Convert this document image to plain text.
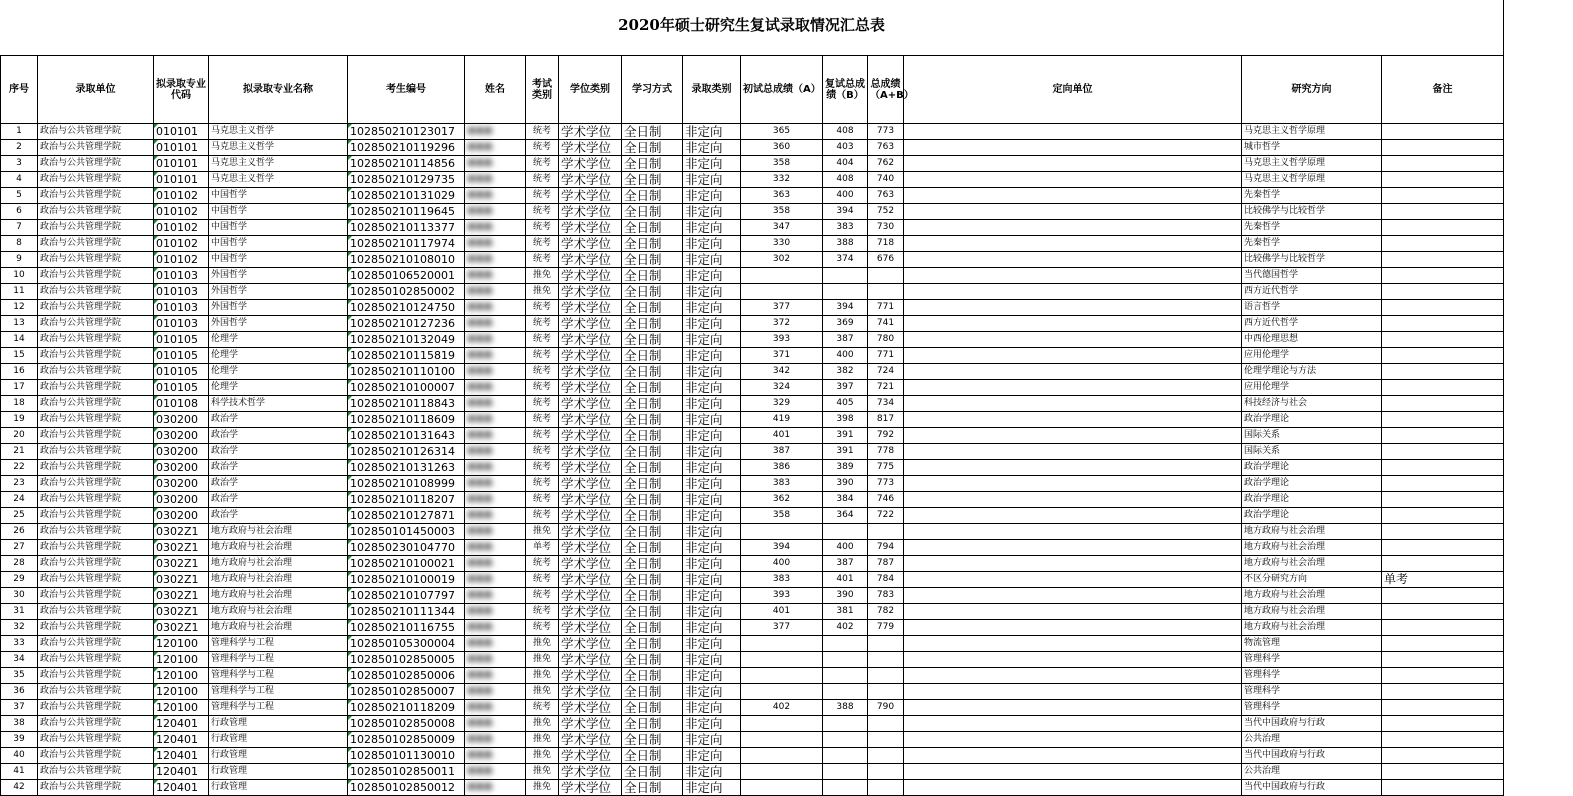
2020年硕士研究生复试录取情况汇总表
序号	录取单位	拟录取专业代码	拟录取专业名称	考生编号	姓名	考试类别	学位类别	学习方式	录取类别	初试总成绩（A）	复试总成绩（B）	总成绩（A+B）	定向单位	研究方向	备注
1	政治与公共管理学院	010101	马克思主义哲学	102850210123017	■■■	统考	学术学位	全日制	非定向	365	408	773		马克思主义哲学原理	
2	政治与公共管理学院	010101	马克思主义哲学	102850210119296	■■■	统考	学术学位	全日制	非定向	360	403	763		城市哲学	
3	政治与公共管理学院	010101	马克思主义哲学	102850210114856	■■■	统考	学术学位	全日制	非定向	358	404	762		马克思主义哲学原理	
4	政治与公共管理学院	010101	马克思主义哲学	102850210129735	■■■	统考	学术学位	全日制	非定向	332	408	740		马克思主义哲学原理	
5	政治与公共管理学院	010102	中国哲学	102850210131029	■■■	统考	学术学位	全日制	非定向	363	400	763		先秦哲学	
6	政治与公共管理学院	010102	中国哲学	102850210119645	■■■	统考	学术学位	全日制	非定向	358	394	752		比较佛学与比较哲学	
7	政治与公共管理学院	010102	中国哲学	102850210113377	■■■	统考	学术学位	全日制	非定向	347	383	730		先秦哲学	
8	政治与公共管理学院	010102	中国哲学	102850210117974	■■■	统考	学术学位	全日制	非定向	330	388	718		先秦哲学	
9	政治与公共管理学院	010102	中国哲学	102850210108010	■■■	统考	学术学位	全日制	非定向	302	374	676		比较佛学与比较哲学	
10	政治与公共管理学院	010103	外国哲学	102850106520001	■■■	推免	学术学位	全日制	非定向					当代德国哲学	
11	政治与公共管理学院	010103	外国哲学	102850102850002	■■■	推免	学术学位	全日制	非定向					西方近代哲学	
12	政治与公共管理学院	010103	外国哲学	102850210124750	■■■	统考	学术学位	全日制	非定向	377	394	771		语言哲学	
13	政治与公共管理学院	010103	外国哲学	102850210127236	■■■	统考	学术学位	全日制	非定向	372	369	741		西方近代哲学	
14	政治与公共管理学院	010105	伦理学	102850210132049	■■■	统考	学术学位	全日制	非定向	393	387	780		中西伦理思想	
15	政治与公共管理学院	010105	伦理学	102850210115819	■■■	统考	学术学位	全日制	非定向	371	400	771		应用伦理学	
16	政治与公共管理学院	010105	伦理学	102850210110100	■■■	统考	学术学位	全日制	非定向	342	382	724		伦理学理论与方法	
17	政治与公共管理学院	010105	伦理学	102850210100007	■■■	统考	学术学位	全日制	非定向	324	397	721		应用伦理学	
18	政治与公共管理学院	010108	科学技术哲学	102850210118843	■■■	统考	学术学位	全日制	非定向	329	405	734		科技经济与社会	
19	政治与公共管理学院	030200	政治学	102850210118609	■■■	统考	学术学位	全日制	非定向	419	398	817		政治学理论	
20	政治与公共管理学院	030200	政治学	102850210131643	■■■	统考	学术学位	全日制	非定向	401	391	792		国际关系	
21	政治与公共管理学院	030200	政治学	102850210126314	■■■	统考	学术学位	全日制	非定向	387	391	778		国际关系	
22	政治与公共管理学院	030200	政治学	102850210131263	■■■	统考	学术学位	全日制	非定向	386	389	775		政治学理论	
23	政治与公共管理学院	030200	政治学	102850210108999	■■■	统考	学术学位	全日制	非定向	383	390	773		政治学理论	
24	政治与公共管理学院	030200	政治学	102850210118207	■■■	统考	学术学位	全日制	非定向	362	384	746		政治学理论	
25	政治与公共管理学院	030200	政治学	102850210127871	■■■	统考	学术学位	全日制	非定向	358	364	722		政治学理论	
26	政治与公共管理学院	0302Z1	地方政府与社会治理	102850101450003	■■■	推免	学术学位	全日制	非定向					地方政府与社会治理	
27	政治与公共管理学院	0302Z1	地方政府与社会治理	102850230104770	■■■	单考	学术学位	全日制	非定向	394	400	794		地方政府与社会治理	
28	政治与公共管理学院	0302Z1	地方政府与社会治理	102850210100021	■■■	统考	学术学位	全日制	非定向	400	387	787		地方政府与社会治理	
29	政治与公共管理学院	0302Z1	地方政府与社会治理	102850210100019	■■■	统考	学术学位	全日制	非定向	383	401	784		不区分研究方向	单考
30	政治与公共管理学院	0302Z1	地方政府与社会治理	102850210107797	■■■	统考	学术学位	全日制	非定向	393	390	783		地方政府与社会治理	
31	政治与公共管理学院	0302Z1	地方政府与社会治理	102850210111344	■■■	统考	学术学位	全日制	非定向	401	381	782		地方政府与社会治理	
32	政治与公共管理学院	0302Z1	地方政府与社会治理	102850210116755	■■■	统考	学术学位	全日制	非定向	377	402	779		地方政府与社会治理	
33	政治与公共管理学院	120100	管理科学与工程	102850105300004	■■■	推免	学术学位	全日制	非定向					物流管理	
34	政治与公共管理学院	120100	管理科学与工程	102850102850005	■■■	推免	学术学位	全日制	非定向					管理科学	
35	政治与公共管理学院	120100	管理科学与工程	102850102850006	■■■	推免	学术学位	全日制	非定向					管理科学	
36	政治与公共管理学院	120100	管理科学与工程	102850102850007	■■■	推免	学术学位	全日制	非定向					管理科学	
37	政治与公共管理学院	120100	管理科学与工程	102850210118209	■■■	统考	学术学位	全日制	非定向	402	388	790		管理科学	
38	政治与公共管理学院	120401	行政管理	102850102850008	■■■	推免	学术学位	全日制	非定向					当代中国政府与行政	
39	政治与公共管理学院	120401	行政管理	102850102850009	■■■	推免	学术学位	全日制	非定向					公共治理	
40	政治与公共管理学院	120401	行政管理	102850101130010	■■■	推免	学术学位	全日制	非定向					当代中国政府与行政	
41	政治与公共管理学院	120401	行政管理	102850102850011	■■■	推免	学术学位	全日制	非定向					公共治理	
42	政治与公共管理学院	120401	行政管理	102850102850012	■■■	推免	学术学位	全日制	非定向					当代中国政府与行政	
